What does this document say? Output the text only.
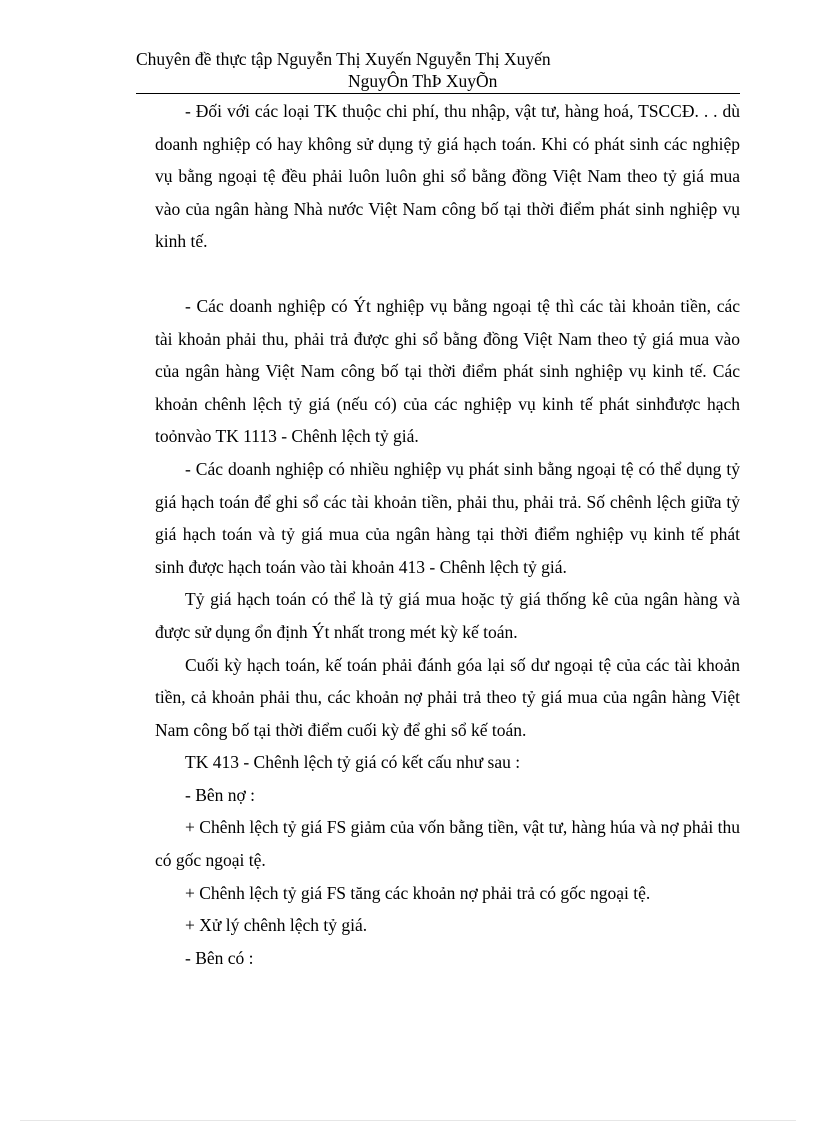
Chuyên đề thực tập Nguyễn Thị Xuyến Nguyễn Thị Xuyến
NguyÔn ThÞ XuyÕn

- Đối với các loại TK thuộc chi phí, thu nhập, vật tư, hàng hoá, TSCCĐ. . . dù doanh nghiệp có hay không sử dụng tỷ giá hạch toán. Khi có phát sinh các nghiệp vụ bằng ngoại tệ đều phải luôn luôn ghi sổ bằng đồng Việt Nam theo tỷ giá mua vào của ngân hàng Nhà nước Việt Nam công bố tại thời điểm phát sinh nghiệp vụ kinh tế.

- Các doanh nghiệp có Ýt nghiệp vụ bằng ngoại tệ thì các tài khoản tiền, các tài khoản phải thu, phải trả được ghi sổ bằng đồng Việt Nam theo tỷ giá mua vào của ngân hàng Việt Nam công bố tại thời điểm phát sinh nghiệp vụ kinh tế. Các khoản chênh lệch tỷ giá (nếu có) của các nghiệp vụ kinh tế phát sinhđược hạch toỏnvào TK 1113 - Chênh lệch tỷ giá.

- Các doanh nghiệp có nhiều nghiệp vụ phát sinh bằng ngoại tệ có thể dụng tỷ giá hạch toán để ghi sổ các tài khoản tiền, phải thu, phải trả. Số chênh lệch giữa tỷ giá hạch toán và tỷ giá mua của ngân hàng tại thời điểm nghiệp vụ kinh tế phát sinh được hạch toán vào tài khoản 413 - Chênh lệch tỷ giá.

Tỷ giá hạch toán có thể là tỷ giá mua hoặc tỷ giá thống kê của ngân hàng và được sử dụng ổn định Ýt nhất trong mét kỳ kế toán.

Cuối kỳ hạch toán, kế toán phải đánh góa lại số dư ngoại tệ của các tài khoản tiền, cả khoản phải thu, các khoản nợ phải trả theo tỷ giá mua của ngân hàng Việt Nam công bố tại thời điểm cuối kỳ để ghi sổ kế toán.

TK 413 - Chênh lệch tỷ giá có kết cấu như sau :

- Bên nợ :

+ Chênh lệch tỷ giá FS giảm của vốn bằng tiền, vật tư, hàng húa và nợ phải thu có gốc ngoại tệ.

+ Chênh lệch tỷ giá FS tăng các khoản nợ phải trả có gốc ngoại tệ.

+ Xử lý chênh lệch tỷ giá.

- Bên có :
